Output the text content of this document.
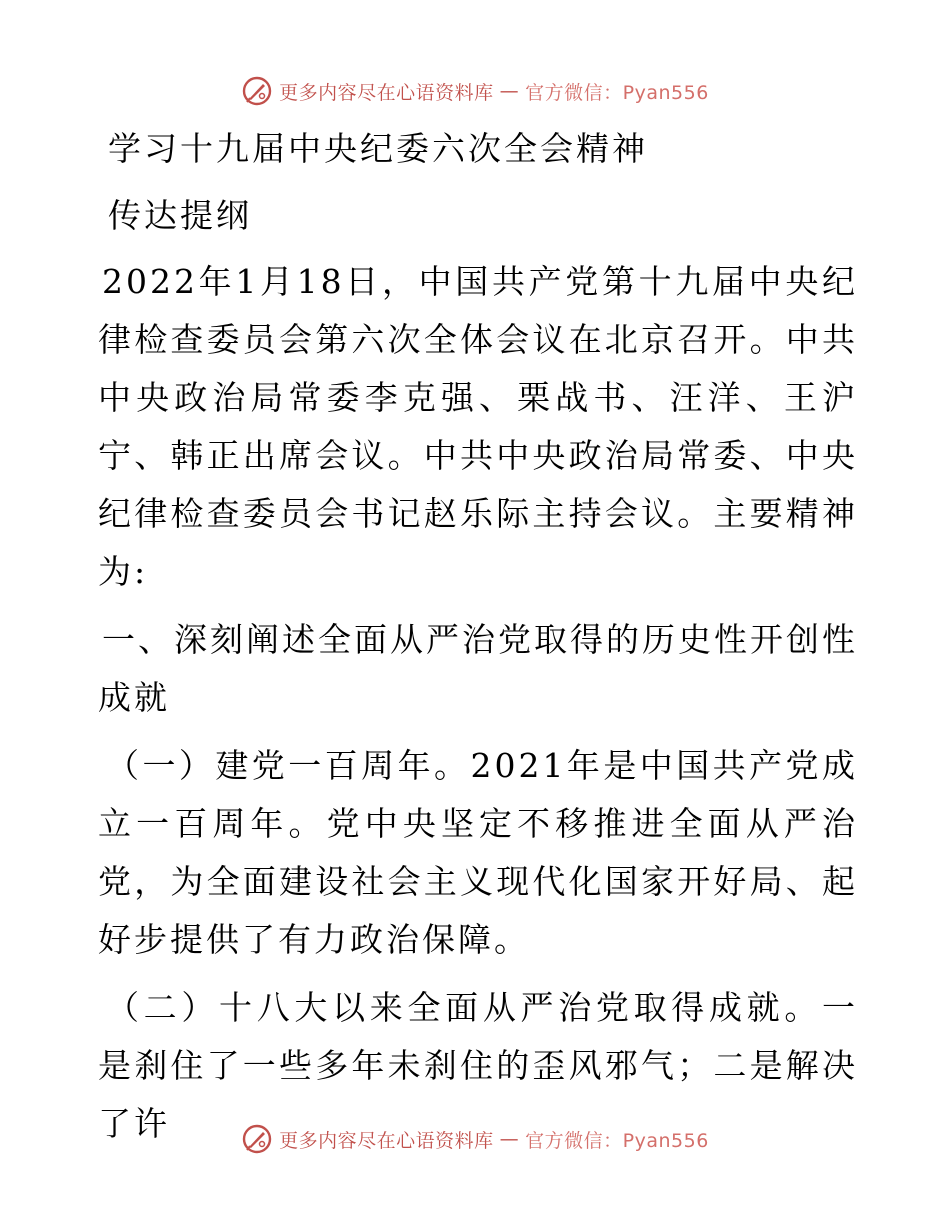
更多内容尽在心语资料库 — 官方微信：Pyan556
学习十九届中央纪委六次全会精神
传达提纲

2022年1月18日，中国共产党第十九届中央纪律检查委员会第六次全体会议在北京召开。中共中央政治局常委李克强、栗战书、汪洋、王沪宁、韩正出席会议。中共中央政治局常委、中央纪律检查委员会书记赵乐际主持会议。主要精神为:

一、深刻阐述全面从严治党取得的历史性开创性成就

（一）建党一百周年。2021年是中国共产党成立一百周年。党中央坚定不移推进全面从严治党，为全面建设社会主义现代化国家开好局、起好步提供了有力政治保障。

（二）十八大以来全面从严治党取得成就。一是刹住了一些多年未刹住的歪风邪气；二是解决了许	更多内容尽在心语资料库 — 官方微信：Pyan556
